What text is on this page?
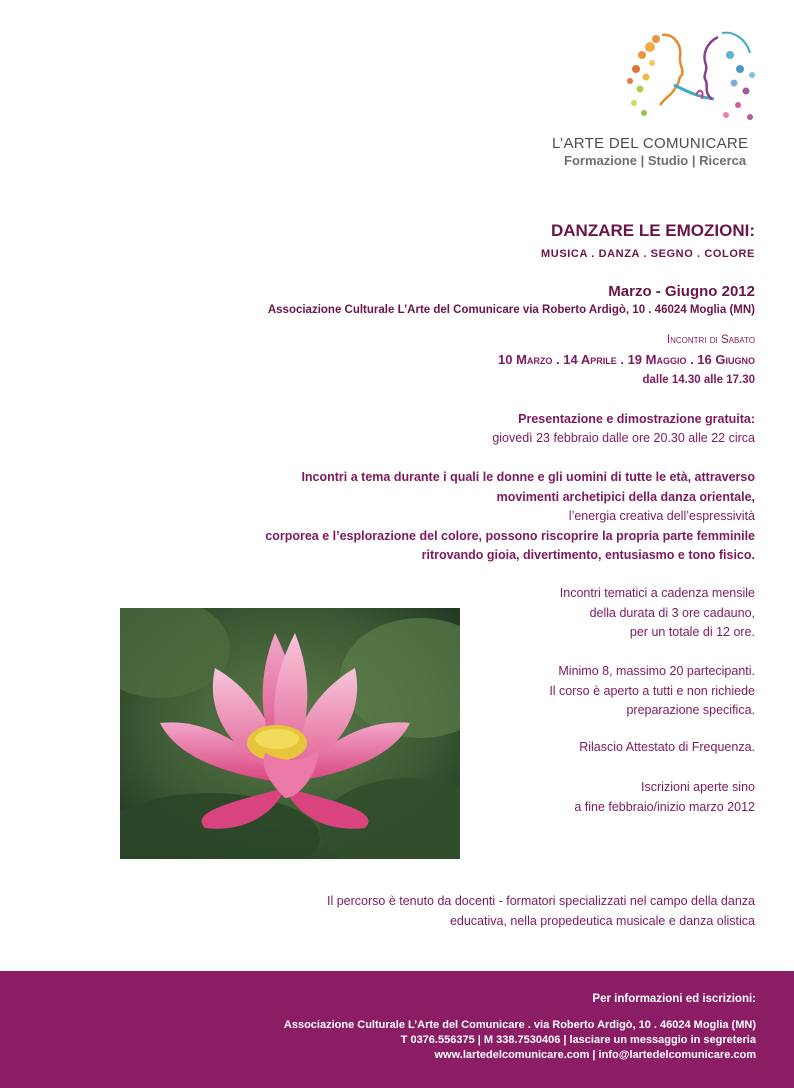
L’ARTE DEL COMUNICARE
Formazione | Studio | Ricerca
DANZARE LE EMOZIONI:
MUSICA . DANZA . SEGNO . COLORE
Marzo - Giugno 2012
Associazione Culturale L’Arte del Comunicare via Roberto Ardigò, 10 . 46024 Moglia (MN)
Incontri di Sabato
10 Marzo . 14 Aprile . 19 Maggio . 16 Giugno
dalle 14.30 alle 17.30
Presentazione e dimostrazione gratuita:
giovedì 23 febbraio dalle ore 20.30 alle 22 circa
Incontri a tema durante i quali le donne e gli uomini di tutte le età, attraverso
movimenti archetipici della danza orientale,
l’energia creativa dell’espressività
corporea e l’esplorazione del colore, possono riscoprire la propria parte femminile
ritrovando gioia, divertimento, entusiasmo e tono fisico.
Incontri tematici a cadenza mensile
della durata di 3 ore cadauno,
per un totale di 12 ore.
Minimo 8, massimo 20 partecipanti.
Il corso è aperto a tutti e non richiede
preparazione specifica.
Rilascio Attestato di Frequenza.
Iscrizioni aperte sino
a fine febbraio/inizio marzo 2012
Il percorso è tenuto da docenti - formatori specializzati nel campo della danza
educativa, nella propedeutica musicale e danza olistica
Per informazioni ed iscrizioni:
Associazione Culturale L’Arte del Comunicare . via Roberto Ardigò, 10 . 46024 Moglia (MN)
T 0376.556375 | M 338.7530406 | lasciare un messaggio in segreteria
www.lartedelcomunicare.com | info@lartedelcomunicare.com
